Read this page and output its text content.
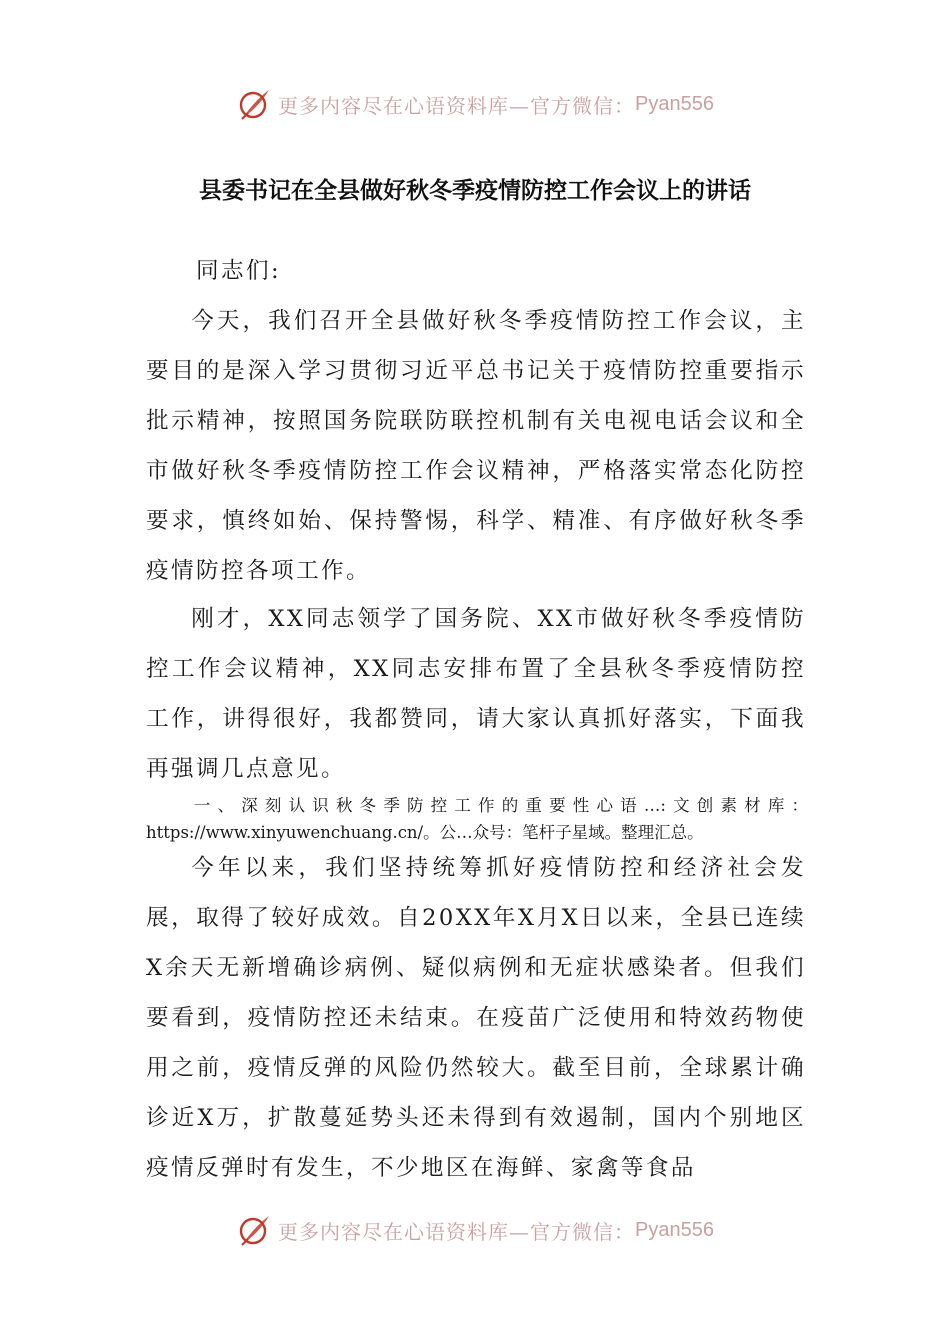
更多内容尽在心语资料库—官方微信： Pyan556
县委书记在全县做好秋冬季疫情防控工作会议上的讲话

同志们:

今天，我们召开全县做好秋冬季疫情防控工作会议，主要目的是深入学习贯彻习近平总书记关于疫情防控重要指示批示精神，按照国务院联防联控机制有关电视电话会议和全市做好秋冬季疫情防控工作会议精神，严格落实常态化防控要求，慎终如始、保持警惕，科学、精准、有序做好秋冬季疫情防控各项工作。

刚才，XX同志领学了国务院、XX市做好秋冬季疫情防控工作会议精神，XX同志安排布置了全县秋冬季疫情防控工作，讲得很好，我都赞同，请大家认真抓好落实，下面我再强调几点意见。

一、深刻认识秋冬季防控工作的重要性心语…:文创素材库：https://www.xinyuwenchuang.cn/。公…众号：笔杆子星域。整理汇总。

今年以来，我们坚持统筹抓好疫情防控和经济社会发展，取得了较好成效。自20XX年X月X日以来，全县已连续X余天无新增确诊病例、疑似病例和无症状感染者。但我们要看到，疫情防控还未结束。在疫苗广泛使用和特效药物使用之前，疫情反弹的风险仍然较大。截至目前，全球累计确诊近X万，扩散蔓延势头还未得到有效遏制，国内个别地区疫情反弹时有发生，不少地区在海鲜、家禽等食品

更多内容尽在心语资料库—官方微信： Pyan556
